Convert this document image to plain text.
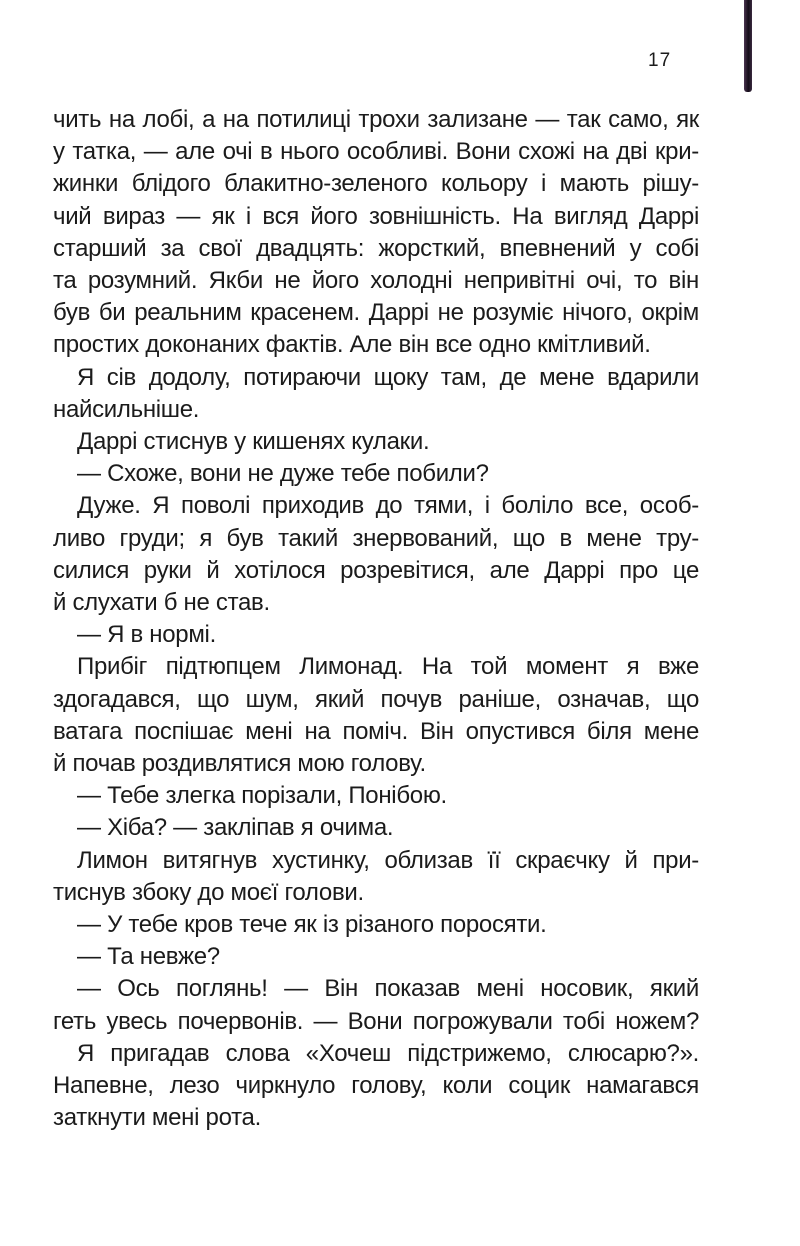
17
чить на лобі, а на потилиці трохи зализане — так само, як
у татка, — але очі в нього особливі. Вони схожі на дві кри-
жинки блідого блакитно-зеленого кольору і мають рішу-
чий вираз — як і вся його зовнішність. На вигляд Даррі
старший за свої двадцять: жорсткий, впевнений у собі
та розумний. Якби не його холодні непривітні очі, то він
був би реальним красенем. Даррі не розуміє нічого, окрім
простих доконаних фактів. Але він все одно кмітливий.
Я сів додолу, потираючи щоку там, де мене вдарили
найсильніше.
Даррі стиснув у кишенях кулаки.
— Схоже, вони не дуже тебе побили?
Дуже. Я поволі приходив до тями, і боліло все, особ-
ливо груди; я був такий знервований, що в мене тру-
силися руки й хотілося розревітися, але Даррі про це
й слухати б не став.
— Я в нормі.
Прибіг підтюпцем Лимонад. На той момент я вже
здогадався, що шум, який почув раніше, означав, що
ватага поспішає мені на поміч. Він опустився біля мене
й почав роздивлятися мою голову.
— Тебе злегка порізали, Понібою.
— Хіба? — закліпав я очима.
Лимон витягнув хустинку, облизав її скраєчку й при-
тиснув збоку до моєї голови.
— У тебе кров тече як із різаного поросяти.
— Та невже?
— Ось поглянь! — Він показав мені носовик, який
геть увесь почервонів. — Вони погрожували тобі ножем?
Я пригадав слова «Хочеш підстрижемо, слюсарю?».
Напевне, лезо чиркнуло голову, коли социк намагався
заткнути мені рота.
